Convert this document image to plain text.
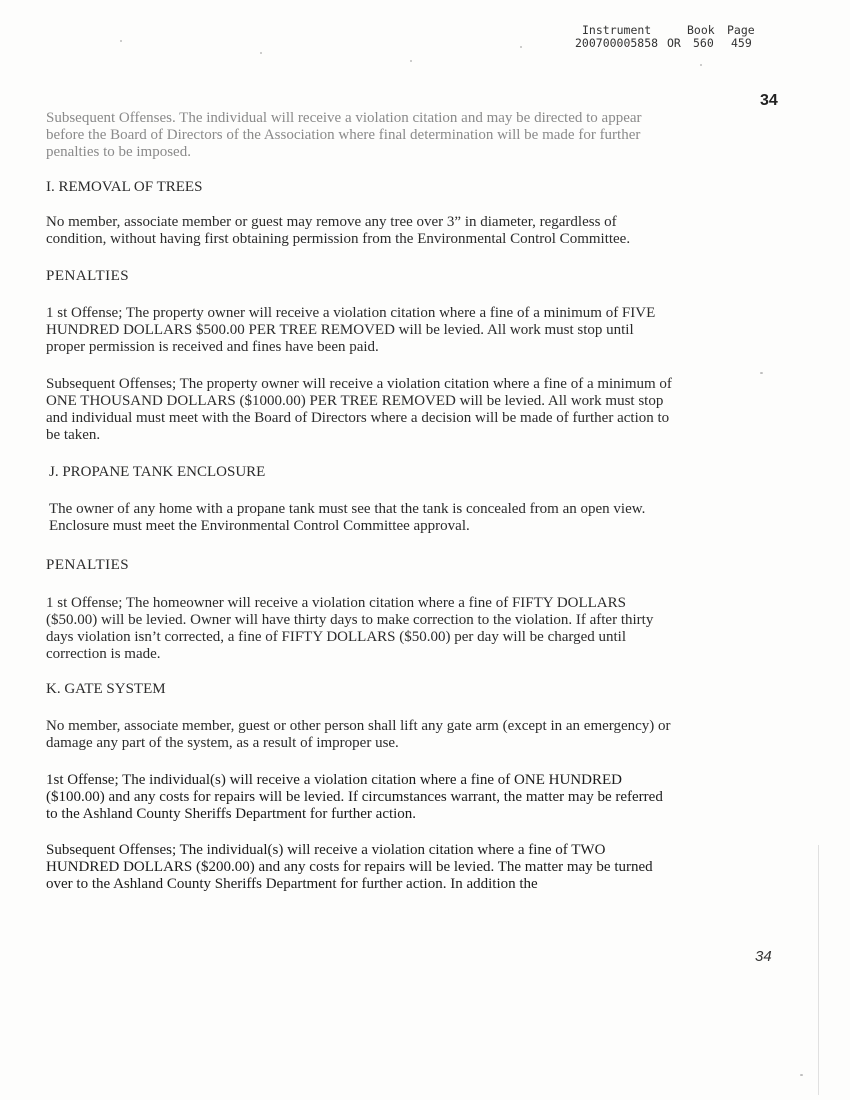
Instrument	Book	Page
200700005858 OR	560	459
34

Subsequent Offenses. The individual will receive a violation citation and may be directed to appear before the Board of Directors of the Association where final determination will be made for further penalties to be imposed.

I. REMOVAL OF TREES

No member, associate member or guest may remove any tree over 3” in diameter, regardless of condition, without having first obtaining permission from the Environmental Control Committee.

PENALTIES

1 st Offense; The property owner will receive a violation citation where a fine of a minimum of FIVE HUNDRED DOLLARS $500.00 PER TREE REMOVED will be levied. All work must stop until proper permission is received and fines have been paid.

Subsequent Offenses; The property owner will receive a violation citation where a fine of a minimum of ONE THOUSAND DOLLARS ($1000.00) PER TREE REMOVED will be levied. All work must stop and individual must meet with the Board of Directors where a decision will be made of further action to be taken.

J. PROPANE TANK ENCLOSURE

The owner of any home with a propane tank must see that the tank is concealed from an open view. Enclosure must meet the Environmental Control Committee approval.

PENALTIES

1 st Offense; The homeowner will receive a violation citation where a fine of FIFTY DOLLARS ($50.00) will be levied. Owner will have thirty days to make correction to the violation. If after thirty days violation isn’t corrected, a fine of FIFTY DOLLARS ($50.00) per day will be charged until correction is made.

K. GATE SYSTEM

No member, associate member, guest or other person shall lift any gate arm (except in an emergency) or damage any part of the system, as a result of improper use.

1st Offense; The individual(s) will receive a violation citation where a fine of ONE HUNDRED ($100.00) and any costs for repairs will be levied. If circumstances warrant, the matter may be referred to the Ashland County Sheriffs Department for further action.

Subsequent Offenses; The individual(s) will receive a violation citation where a fine of TWO HUNDRED DOLLARS ($200.00) and any costs for repairs will be levied. The matter may be turned over to the Ashland County Sheriffs Department for further action. In addition the

34
